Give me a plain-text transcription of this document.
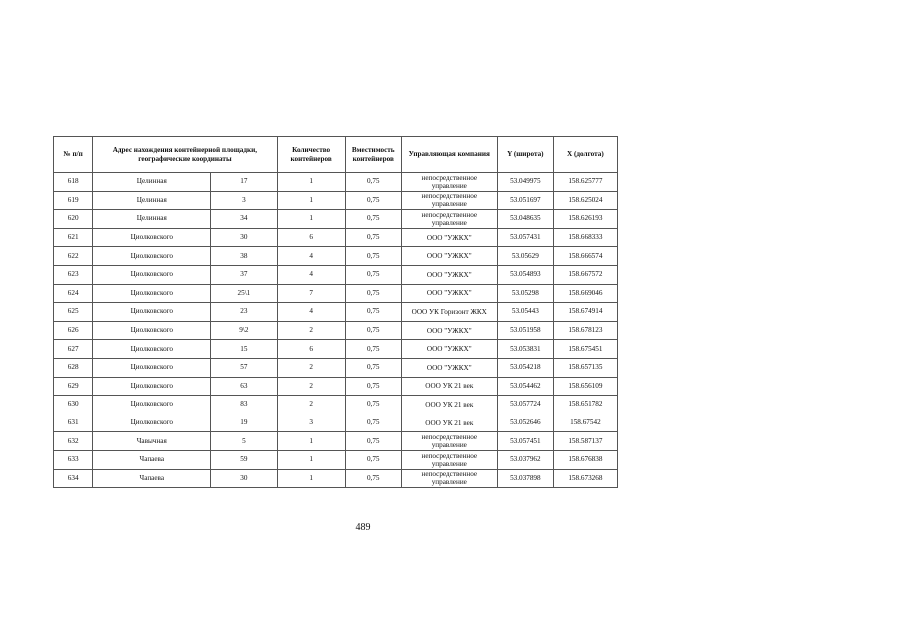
№ п/п	Адрес нахождения контейнерной площадки, географические координаты		Количество контейнеров	Вместимость контейнеров	Управляющая компания	Y (широта)	X (долгота)
618	Целинная	17	1	0,75	непосредственное управление	53.049975	158.625777
619	Целинная	3	1	0,75	непосредственное управление	53.051697	158.625024
620	Целинная	34	1	0,75	непосредственное управление	53.048635	158.626193
621	Циолковского	30	6	0,75	ООО "УЖКХ"	53.057431	158.668333
622	Циолковского	38	4	0,75	ООО "УЖКХ"	53.05629	158.666574
623	Циолковского	37	4	0,75	ООО "УЖКХ"	53.054893	158.667572
624	Циолковского	25\1	7	0,75	ООО "УЖКХ"	53.05298	158.669046
625	Циолковского	23	4	0,75	ООО УК Горизонт ЖКХ	53.05443	158.674914
626	Циолковского	9\2	2	0,75	ООО "УЖКХ"	53.051958	158.678123
627	Циолковского	15	6	0,75	ООО "УЖКХ"	53.053831	158.675451
628	Циолковского	57	2	0,75	ООО "УЖКХ"	53.054218	158.657135
629	Циолковского	63	2	0,75	ООО УК 21 век	53.054462	158.656109
630	Циолковского	83	2	0,75	ООО УК 21 век	53.057724	158.651782
631	Циолковского	19	3	0,75	ООО УК 21 век	53.052646	158.67542
632	Чавычная	5	1	0,75	непосредственное управление	53.057451	158.587137
633	Чапаева	59	1	0,75	непосредственное управление	53.037962	158.676838
634	Чапаева	30	1	0,75	непосредственное управление	53.037898	158.673268
489
